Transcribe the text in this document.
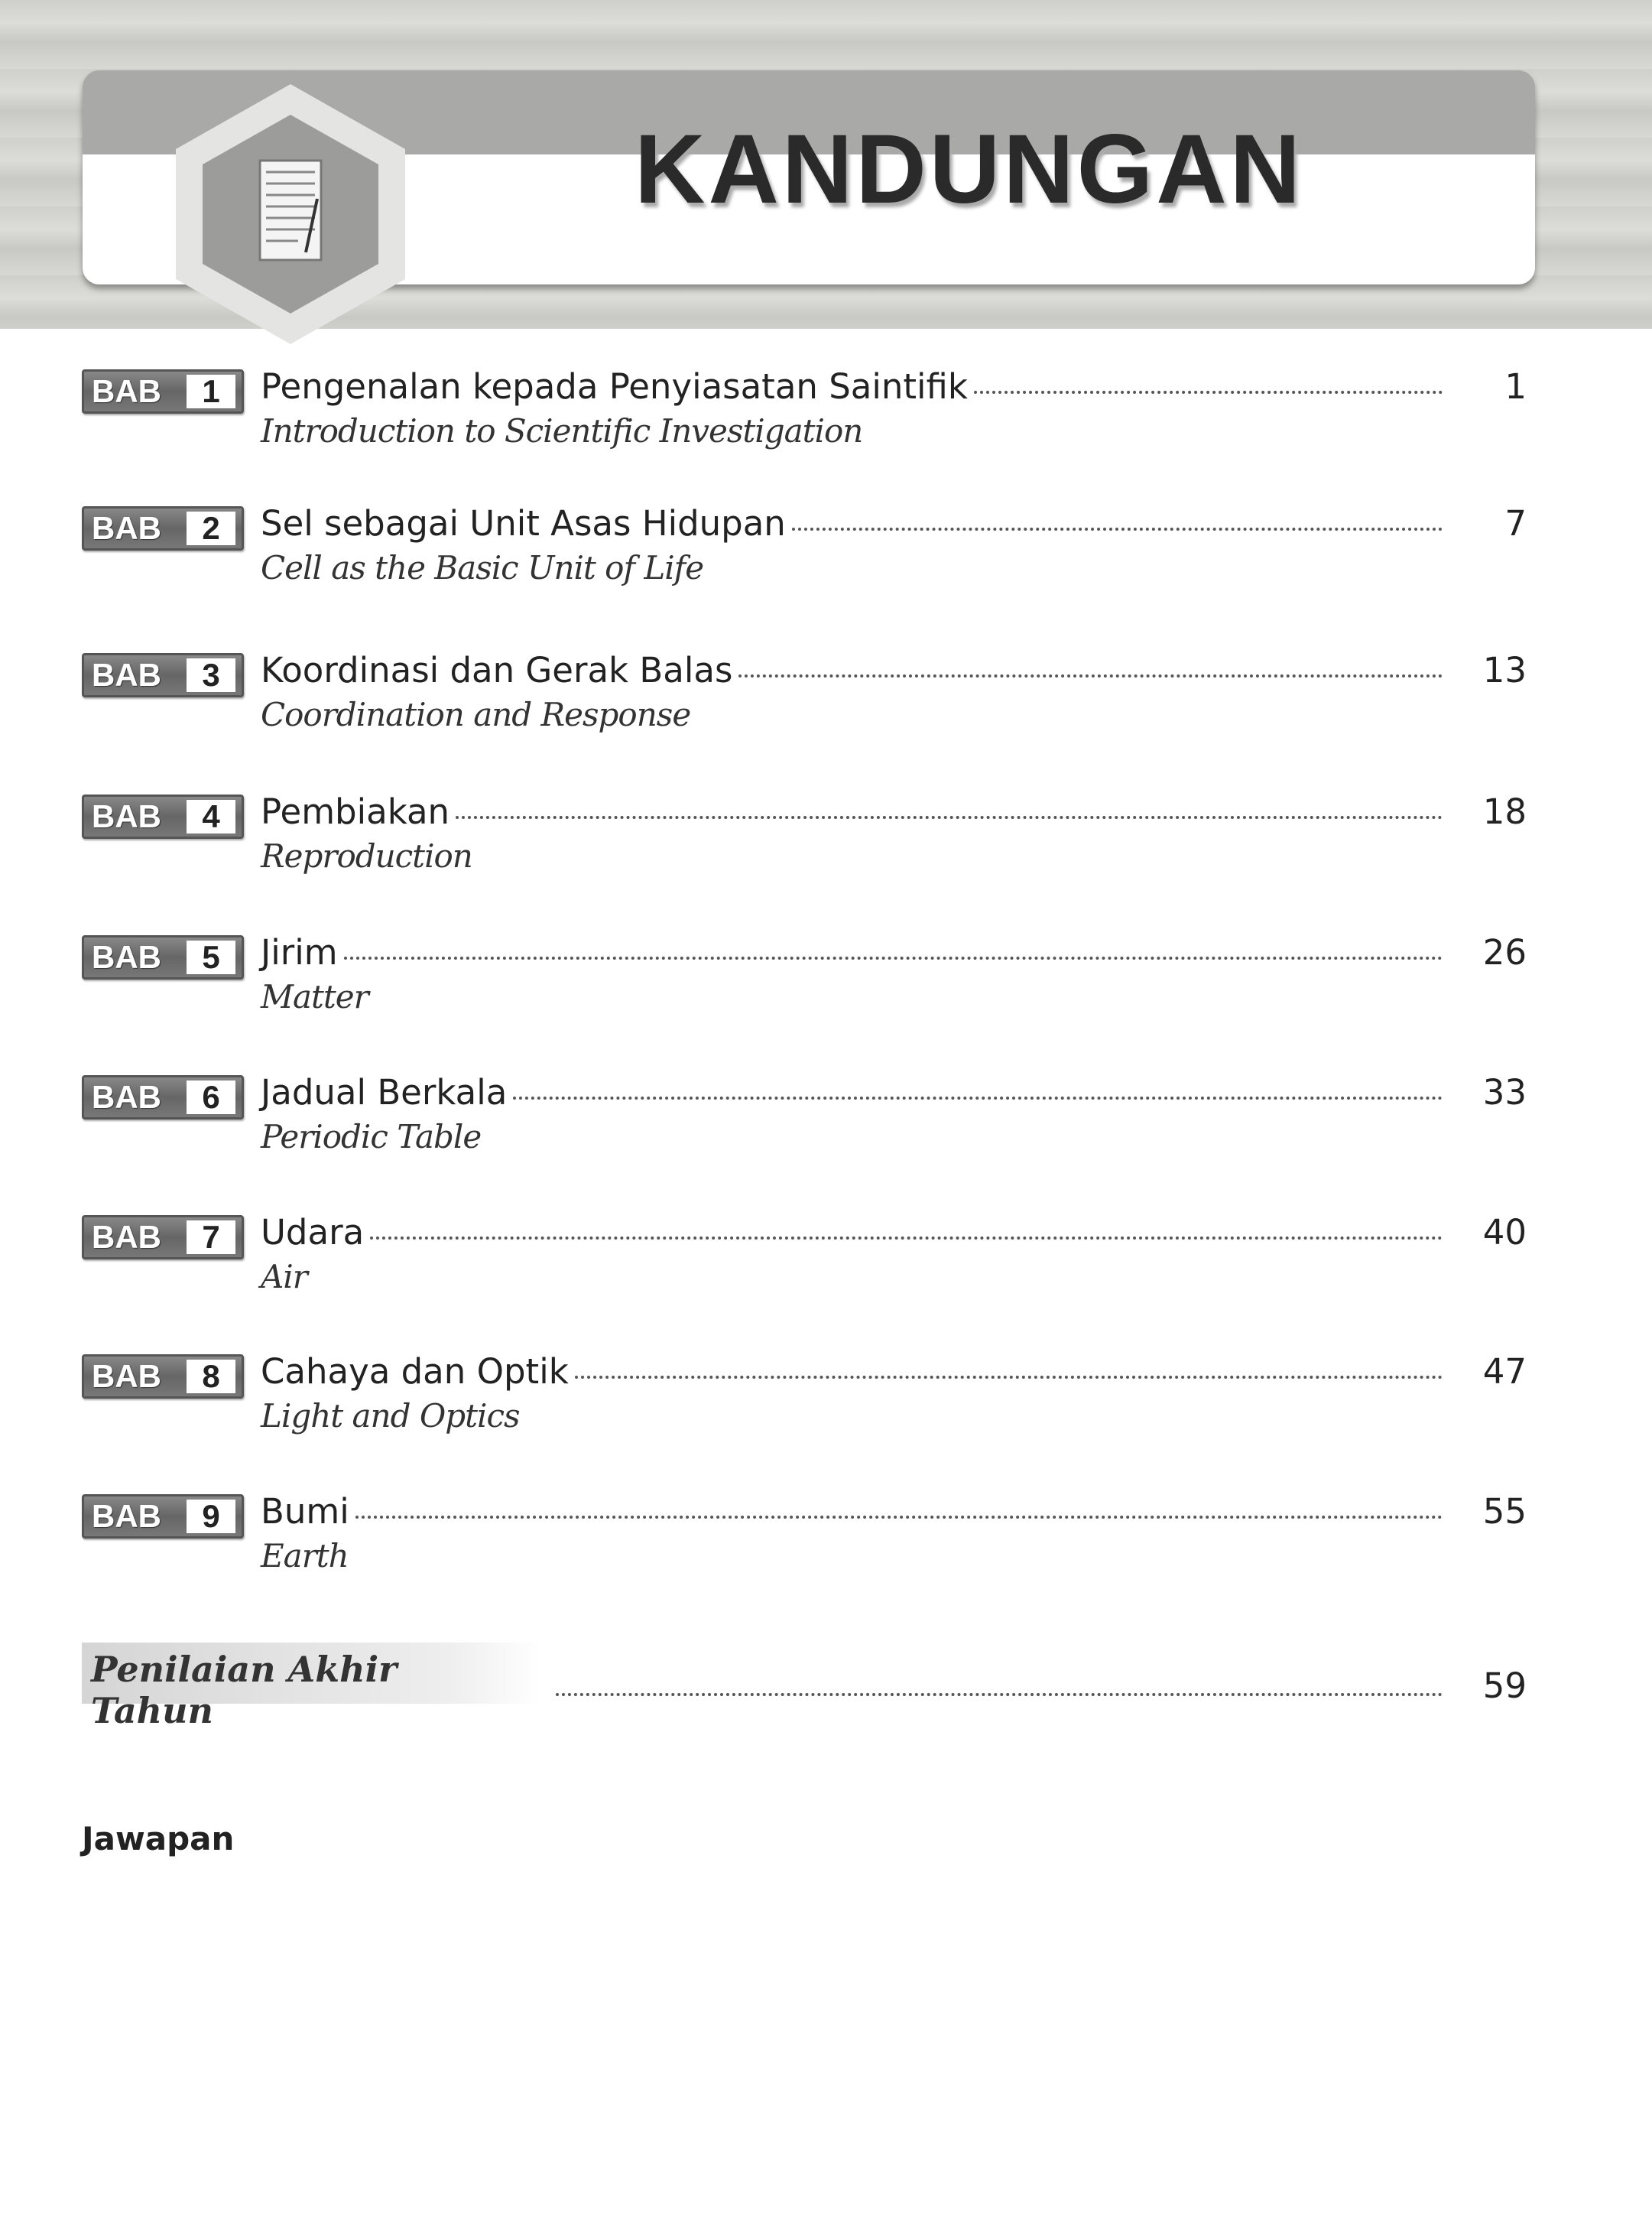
KANDUNGAN
BAB	1	Pengenalan kepada Penyiasatan Saintifik	1
Introduction to Scientific Investigation
BAB	2	Sel sebagai Unit Asas Hidupan	7
Cell as the Basic Unit of Life
BAB	3	Koordinasi dan Gerak Balas	13
Coordination and Response
BAB	4	Pembiakan	18
Reproduction
BAB	5	Jirim	26
Matter
BAB	6	Jadual Berkala	33
Periodic Table
BAB	7	Udara	40
Air
BAB	8	Cahaya dan Optik	47
Light and Optics
BAB	9	Bumi	55
Earth
Penilaian Akhir Tahun
59
Jawapan
